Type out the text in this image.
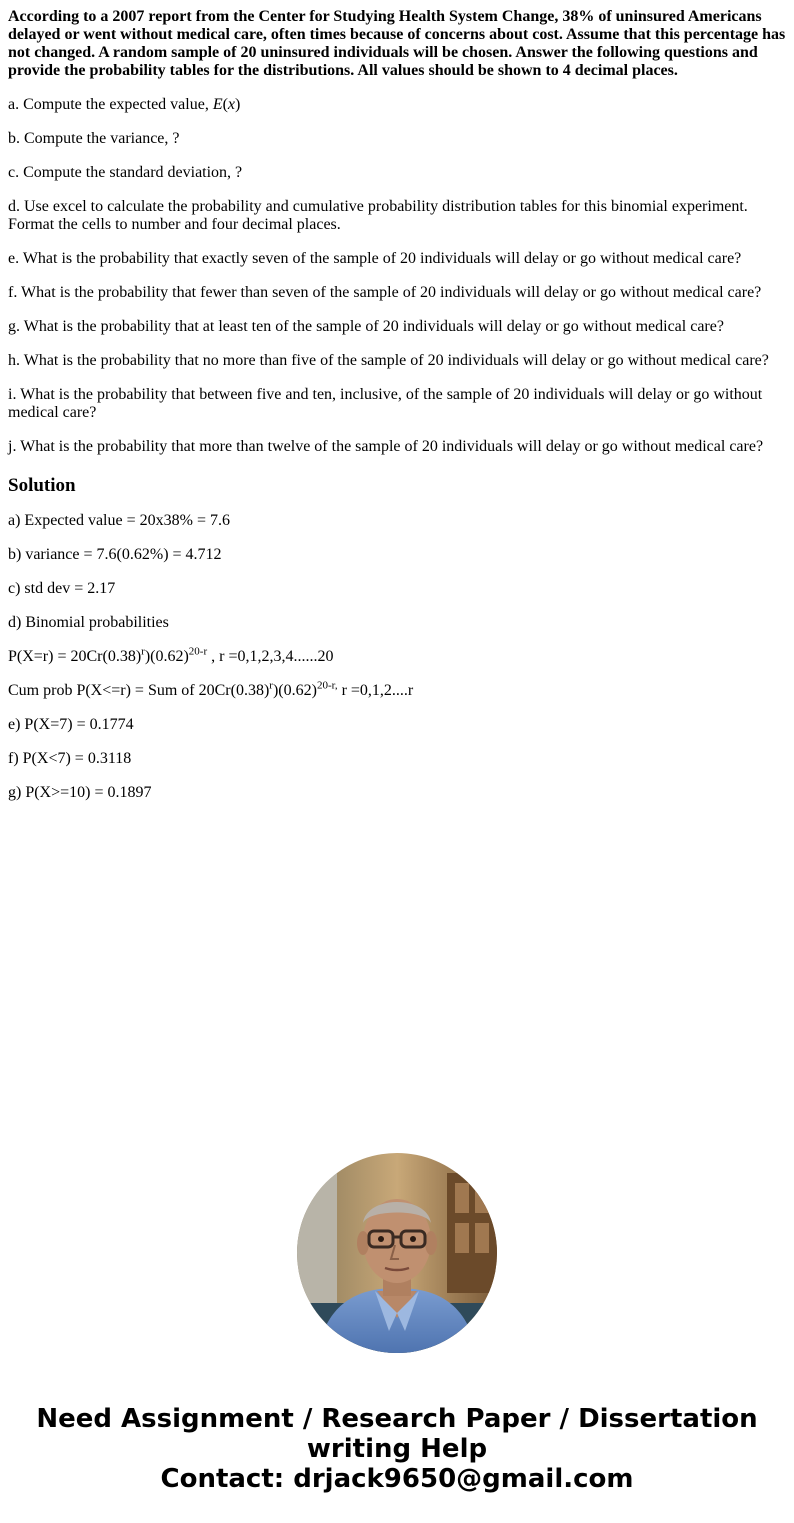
According to a 2007 report from the Center for Studying Health System Change, 38% of uninsured Americans delayed or went without medical care, often times because of concerns about cost. Assume that this percentage has not changed. A random sample of 20 uninsured individuals will be chosen. Answer the following questions and provide the probability tables for the distributions. All values should be shown to 4 decimal places.

a. Compute the expected value, E(x)

b. Compute the variance, ?

c. Compute the standard deviation, ?

d. Use excel to calculate the probability and cumulative probability distribution tables for this binomial experiment. Format the cells to number and four decimal places.

e. What is the probability that exactly seven of the sample of 20 individuals will delay or go without medical care?

f. What is the probability that fewer than seven of the sample of 20 individuals will delay or go without medical care?

g. What is the probability that at least ten of the sample of 20 individuals will delay or go without medical care?

h. What is the probability that no more than five of the sample of 20 individuals will delay or go without medical care?

i. What is the probability that between five and ten, inclusive, of the sample of 20 individuals will delay or go without medical care?

j. What is the probability that more than twelve of the sample of 20 individuals will delay or go without medical care?

Solution

a) Expected value = 20x38% = 7.6

b) variance = 7.6(0.62%) = 4.712

c) std dev = 2.17

d) Binomial probabilities

$P(X=r) = 20Cr(0.38)^r)(0.62)^{20-r}$ , r =0,1,2,3,4......20

Cum prob P(X<=r) = Sum of $20Cr(0.38)^r)(0.62)^{20-r,}$ r =0,1,2....r

e) P(X=7) = 0.1774

f) P(X<7) = 0.3118

g) P(X>=10) = 0.1897

Need Assignment / Research Paper / Dissertation
writing Help
Contact: drjack9650@gmail.com
